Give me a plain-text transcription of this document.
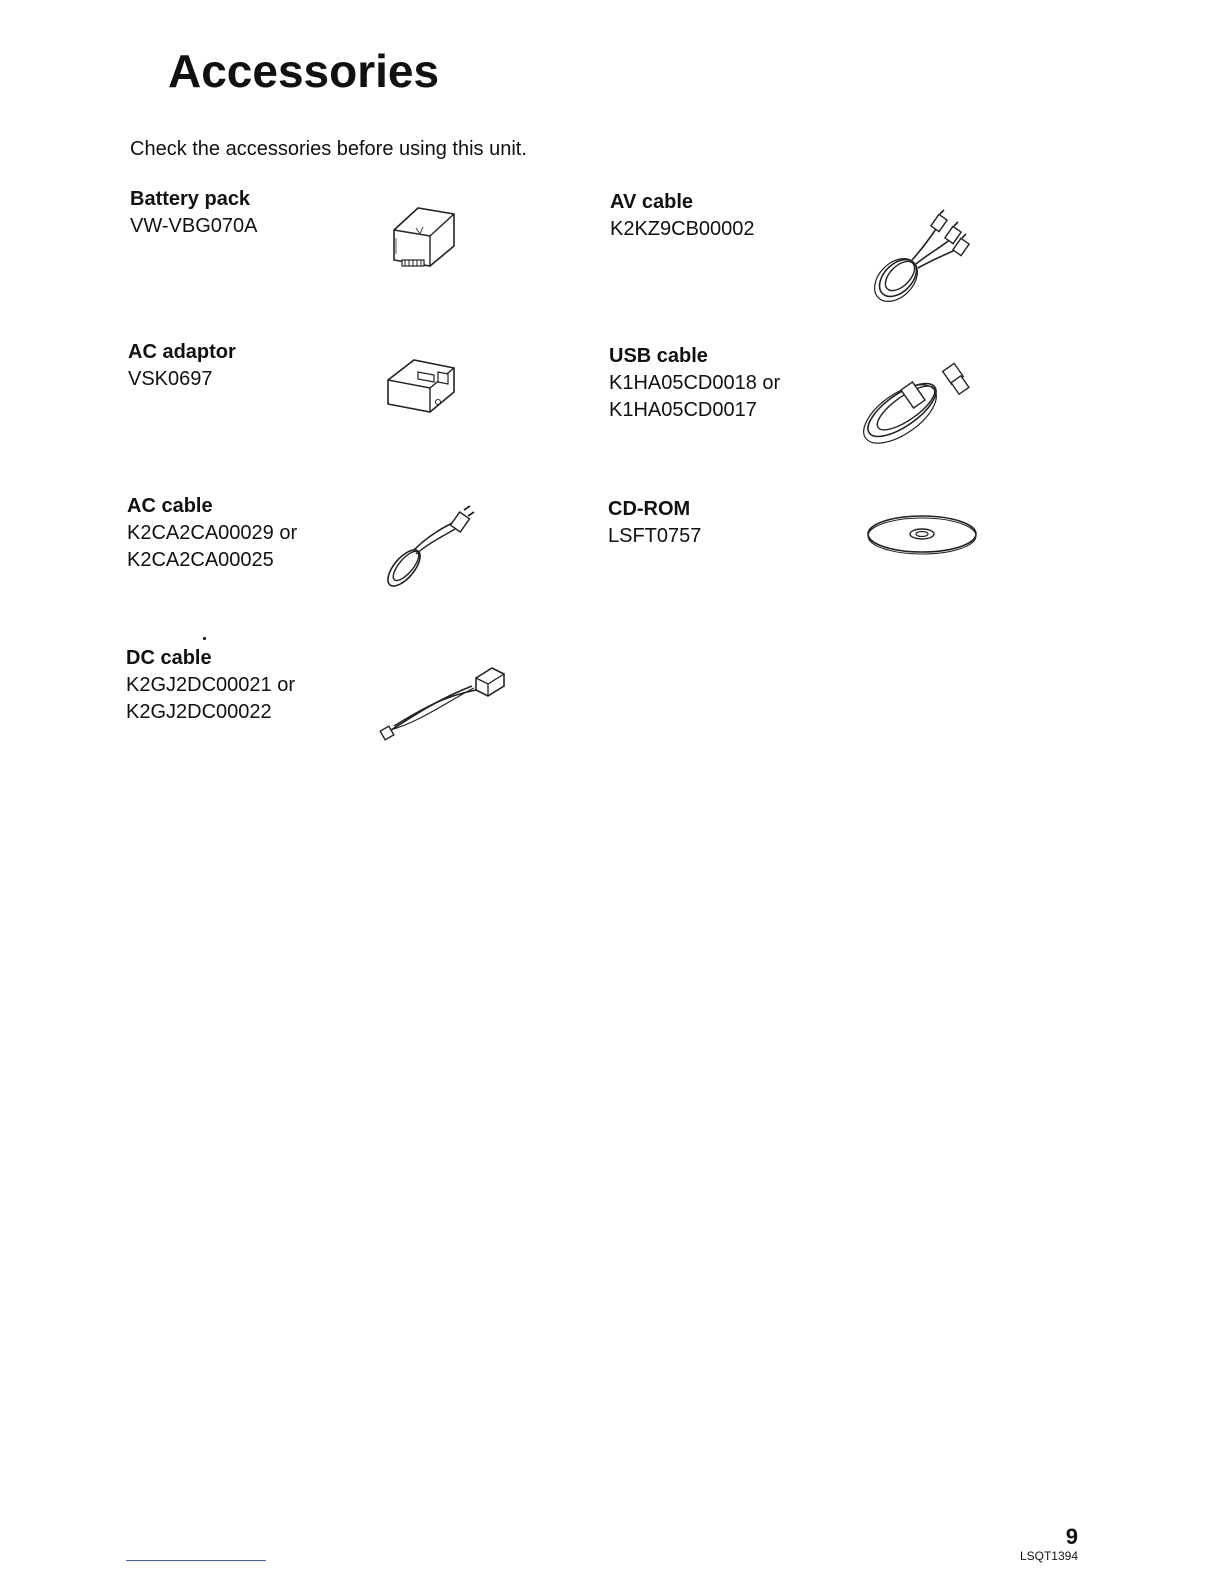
Accessories
Check the accessories before using this unit.
Battery pack
VW-VBG070A
AV cable
K2KZ9CB00002
AC adaptor
VSK0697
USB cable
K1HA05CD0018 or
K1HA05CD0017
AC cable
K2CA2CA00029 or
K2CA2CA00025
CD-ROM
LSFT0757
DC cable
K2GJ2DC00021 or
K2GJ2DC00022
9
LSQT1394
